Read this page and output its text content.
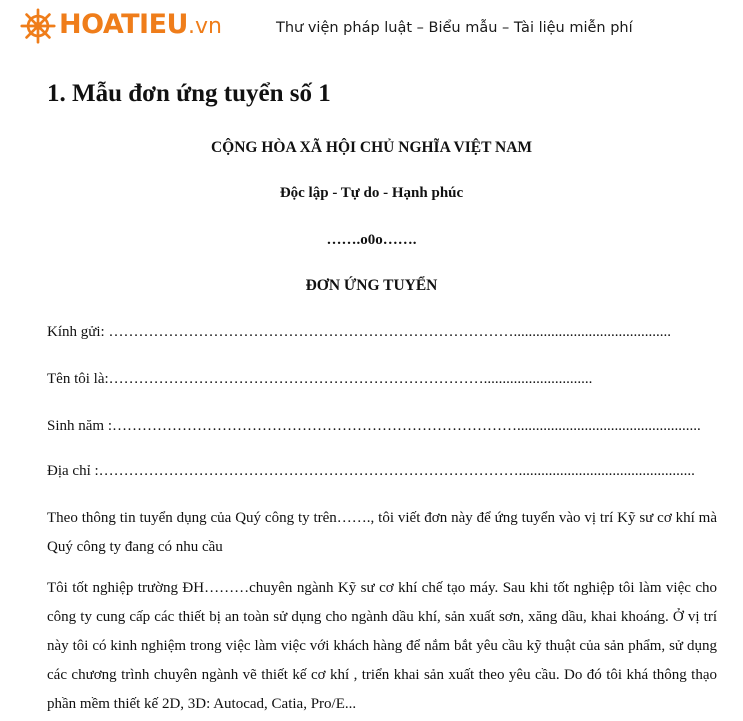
HOATIEU.vn	Thư viện pháp luật – Biểu mẫu – Tài liệu miễn phí
1. Mẫu đơn ứng tuyển số 1
CỘNG HÒA XÃ HỘI CHỦ NGHĨA VIỆT NAM
Độc lập - Tự do - Hạnh phúc
…….o0o…….
ĐƠN ỨNG TUYỂN
Kính gửi: ………………………………………………………………………..........................................
Tên tôi là:………………………………………………………………….............................
Sinh năm :……………………………………………………………………….................................................
Địa chỉ :…………………………………………………………………………...............................................
Theo thông tin tuyển dụng của Quý công ty trên……., tôi viết đơn này để ứng tuyển vào vị trí Kỹ sư cơ khí mà Quý công ty đang có nhu cầu
Tôi tốt nghiệp trường ĐH………chuyên ngành Kỹ sư cơ khí chế tạo máy. Sau khi tốt nghiệp tôi làm việc cho công ty cung cấp các thiết bị an toàn sử dụng cho ngành dầu khí, sản xuất sơn, xăng dầu, khai khoáng. Ở vị trí này tôi có kinh nghiệm trong việc làm việc với khách hàng để nắm bắt yêu cầu kỹ thuật của sản phẩm, sử dụng các chương trình chuyên ngành vẽ thiết kế cơ khí , triển khai sản xuất theo yêu cầu. Do đó tôi khá thông thạo phần mềm thiết kế 2D, 3D: Autocad, Catia, Pro/E...
